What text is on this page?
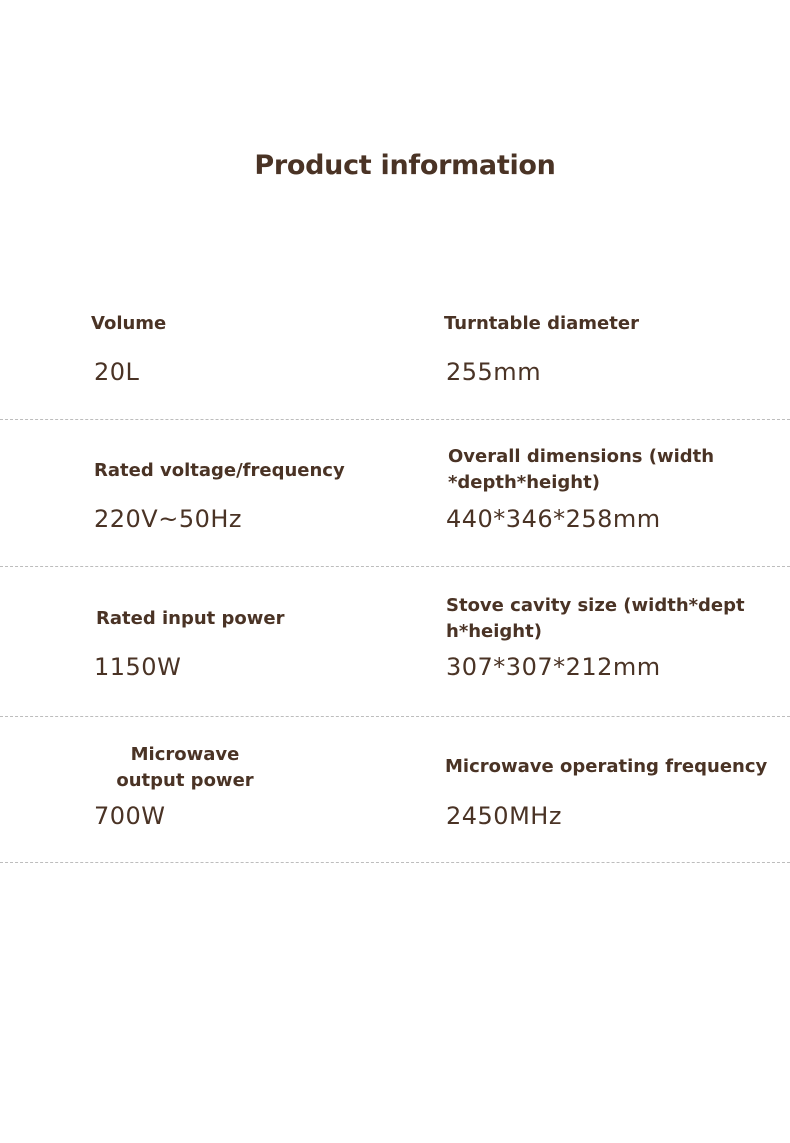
Product information
Volume
20L
Turntable diameter
255mm
Rated voltage/frequency
220V~50Hz
Overall dimensions (width *depth*height)
440*346*258mm
Rated input power
1150W
Stove cavity size (width*dept h*height)
307*307*212mm
Microwave output power
700W
Microwave operating frequency
2450MHz
